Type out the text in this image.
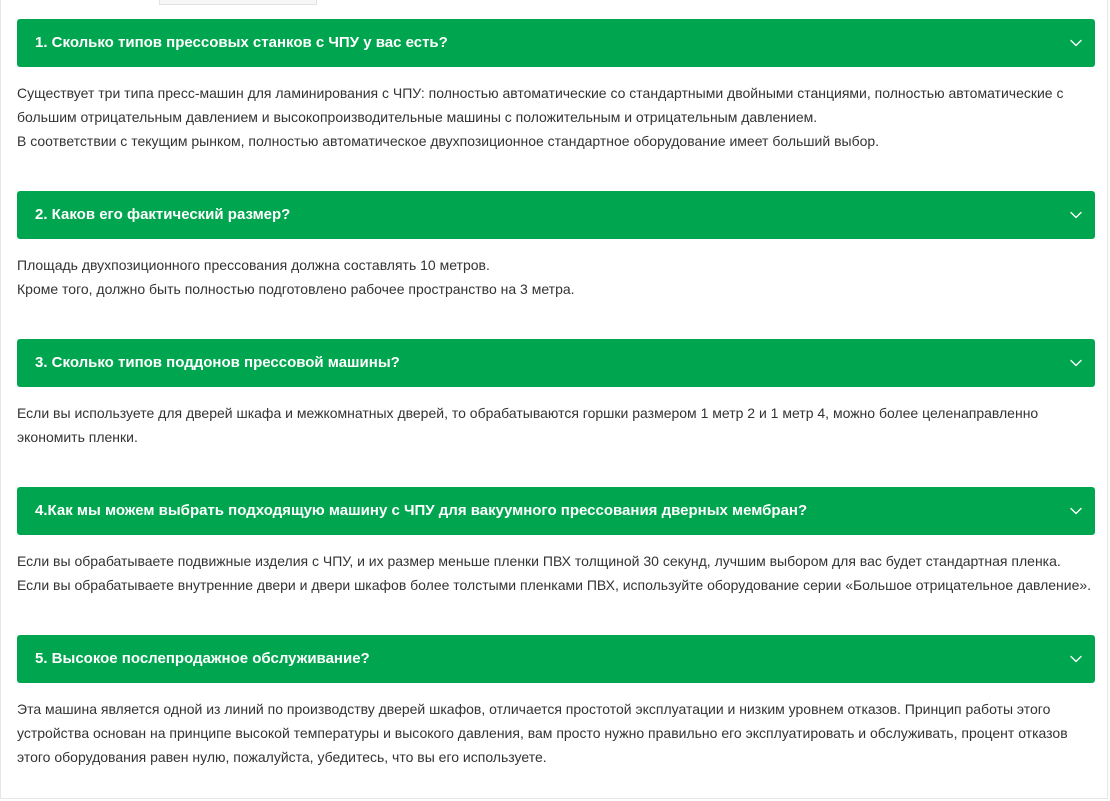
1. Сколько типов прессовых станков с ЧПУ у вас есть?

Существует три типа пресс-машин для ламинирования с ЧПУ: полностью автоматические со стандартными двойными станциями, полностью автоматические с большим отрицательным давлением и высокопроизводительные машины с положительным и отрицательным давлением.

В соответствии с текущим рынком, полностью автоматическое двухпозиционное стандартное оборудование имеет больший выбор.

2. Каков его фактический размер?

Площадь двухпозиционного прессования должна составлять 10 метров.

Кроме того, должно быть полностью подготовлено рабочее пространство на 3 метра.

3. Сколько типов поддонов прессовой машины?

Если вы используете для дверей шкафа и межкомнатных дверей, то обрабатываются горшки размером 1 метр 2 и 1 метр 4, можно более целенаправленно экономить пленки.

4.Как мы можем выбрать подходящую машину с ЧПУ для вакуумного прессования дверных мембран?

Если вы обрабатываете подвижные изделия с ЧПУ, и их размер меньше пленки ПВХ толщиной 30 секунд, лучшим выбором для вас будет стандартная пленка.

Если вы обрабатываете внутренние двери и двери шкафов более толстыми пленками ПВХ, используйте оборудование серии «Большое отрицательное давление».

5. Высокое послепродажное обслуживание?

Эта машина является одной из линий по производству дверей шкафов, отличается простотой эксплуатации и низким уровнем отказов. Принцип работы этого устройства основан на принципе высокой температуры и высокого давления, вам просто нужно правильно его эксплуатировать и обслуживать, процент отказов этого оборудования равен нулю, пожалуйста, убедитесь, что вы его используете.
